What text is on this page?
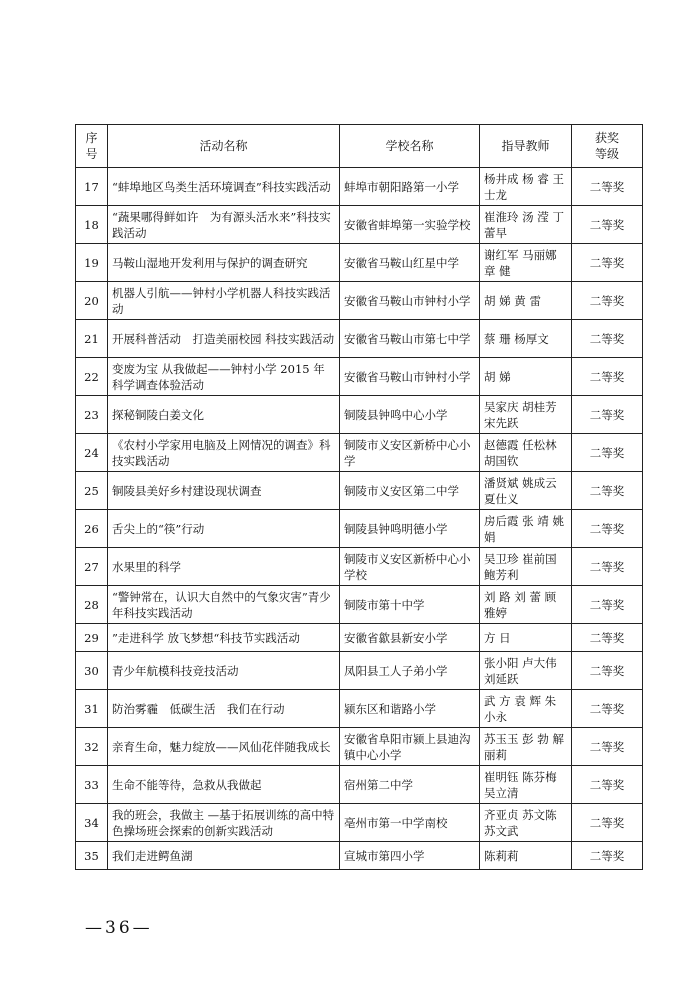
序号	活动名称	学校名称	指导教师	获奖
等级
17	“蚌埠地区鸟类生活环境调查”科技实践活动	蚌埠市朝阳路第一小学	杨井成 杨 睿 王士龙	二等奖
18	“蔬果哪得鲜如许　为有源头活水来”科技实践活动	安徽省蚌埠第一实验学校	崔淮玲 汤 滢 丁蕾早	二等奖
19	马鞍山湿地开发利用与保护的调查研究	安徽省马鞍山红星中学	谢红军 马丽娜 章 健	二等奖
20	机器人引航——钟村小学机器人科技实践活动	安徽省马鞍山市钟村小学	胡 娣 黄 雷	二等奖
21	开展科普活动　打造美丽校园 科技实践活动	安徽省马鞍山市第七中学	蔡 珊 杨厚文	二等奖
22	变废为宝 从我做起——钟村小学 2015 年科学调查体验活动	安徽省马鞍山市钟村小学	胡 娣	二等奖
23	探秘铜陵白姜文化	铜陵县钟鸣中心小学	吴家庆 胡桂芳 宋先跃	二等奖
24	《农村小学家用电脑及上网情况的调查》科技实践活动	铜陵市义安区新桥中心小学	赵德霞 任松林 胡国钦	二等奖
25	铜陵县美好乡村建设现状调查	铜陵市义安区第二中学	潘贤斌 姚成云 夏仕义	二等奖
26	舌尖上的“筷”行动	铜陵县钟鸣明德小学	房后霞 张 靖 姚 娟	二等奖
27	水果里的科学	铜陵市义安区新桥中心小学校	吴卫珍 崔前国 鲍芳利	二等奖
28	“警钟常在，认识大自然中的气象灾害”青少年科技实践活动	铜陵市第十中学	刘 路 刘 蕾 顾雅婷	二等奖
29	”走进科学 放飞梦想“科技节实践活动	安徽省歙县新安小学	方 日	二等奖
30	青少年航模科技竞技活动	凤阳县工人子弟小学	张小阳 卢大伟 刘延跃	二等奖
31	防治雾霾　低碳生活　我们在行动	颍东区和谐路小学	武 方 袁 辉 朱小永	二等奖
32	亲育生命，魅力绽放——风仙花伴随我成长	安徽省阜阳市颍上县迪沟镇中心小学	苏玉玉 彭 勃 解丽莉	二等奖
33	生命不能等待，急救从我做起	宿州第二中学	崔明钰 陈芬梅 吴立清	二等奖
34	我的班会，我做主 —基于拓展训练的高中特色操场班会探索的创新实践活动	亳州市第一中学南校	齐亚贞 苏文陈 苏文武	二等奖
35	我们走进鳄鱼湖	宣城市第四小学	陈莉莉	二等奖
—36—
